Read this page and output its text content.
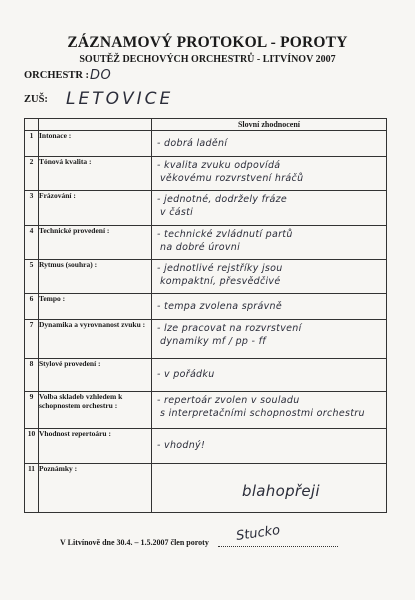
ZÁZNAMOVÝ PROTOKOL - POROTY
SOUTĚŽ DECHOVÝCH ORCHESTRŮ - LITVÍNOV 2007
ORCHESTR : DO
ZUŠ: LETOVICE
		Slovní zhodnocení
1	Intonace :	- dobrá ladění

2	Tónová kvalita :	- kvalita zvuku odpovídá
věkovému rozvrstvení hráčů

3	Frázování :	- jednotné, dodržely fráze
v části

4	Technické provedení :	- technické zvládnutí partů
na dobré úrovni

5	Rytmus (souhra) :	- jednotlivé rejstříky jsou
kompaktní, přesvědčivé

6	Tempo :	- tempa zvolena správně

7	Dynamika a vyrovnanost zvuku :	- lze pracovat na rozvrstvení
dynamiky mf / pp - ff

8	Stylové provedení :	- v pořádku

9	Volba skladeb vzhledem k schopnostem orchestru :	- repertoár zvolen v souladu
s interpretačními schopnostmi orchestru

10	Vhodnost repertoáru :	- vhodný!

11	Poznámky :	blahopřeji
V Litvínově dne 30.4. – 1.5.2007 člen poroty Stucko
